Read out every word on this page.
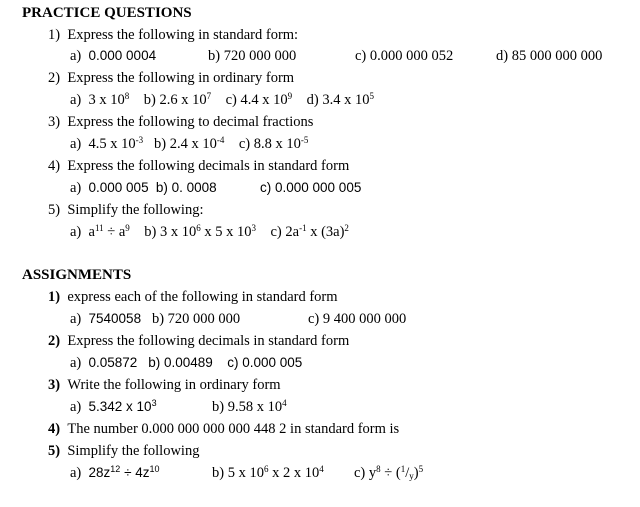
PRACTICE QUESTIONS
1) Express the following in standard form:
a) 0.000 0004	b) 720 000 000	c) 0.000 000 052	d) 85 000 000 000
2) Express the following in ordinary form
a) 3 x $10^8$ b) 2.6 x $10^7$ c) 4.4 x $10^9$ d) 3.4 x $10^5$
3) Express the following to decimal fractions
a) 4.5 x $10^{-3}$ b) 2.4 x $10^{-4}$ c) 8.8 x $10^{-5}$
4) Express the following decimals in standard form
a) 0.000 005 b) 0. 0008	c) 0.000 000 005
5) Simplify the following:
a) $a^{11} \div a^9$ b) 3 x $10^6$ x 5 x $10^3$ c) $2a^{-1}$ x $(3a)^2$
ASSIGNMENTS
1) express each of the following in standard form
a) 7540058 b) 720 000 000	c) 9 400 000 000
2) Express the following decimals in standard form
a) 0.05872 b) 0.00489 c) 0.000 005
3) Write the following in ordinary form
a) 5.342 x $10^3$	b) 9.58 x $10^4$
4) The number 0.000 000 000 000 448 2 in standard form is
5) Simplify the following
a) $28z^{12} \div 4z^{10}$	b) 5 x $10^6$ x 2 x $10^4$ c) $y^8 \div (^1/_y)^5$
